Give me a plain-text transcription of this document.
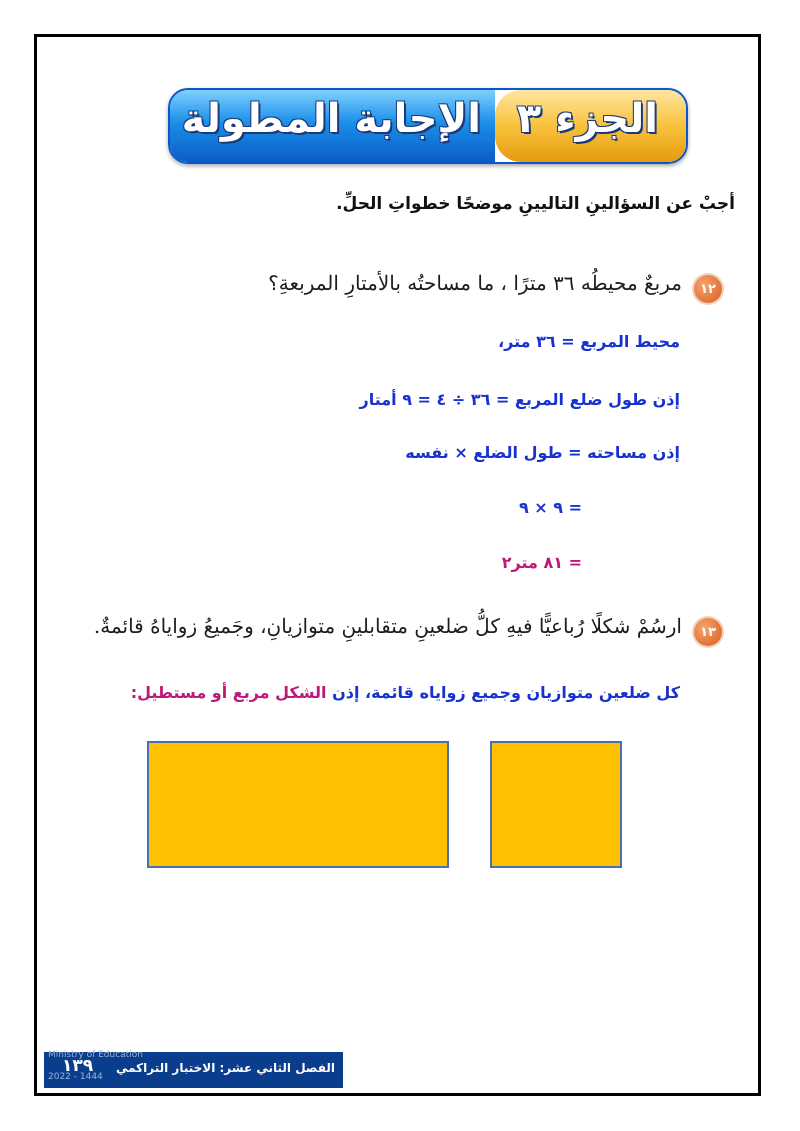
الجزء ٣
الإجابة المطولة
أجبْ عن السؤالينِ التاليينِ موضحًا خطواتِ الحلِّ.
١٢
مربعٌ محيطُه ٣٦ مترًا ، ما مساحتُه بالأمتارِ المربعةِ؟
محيط المربع = ٣٦ متر،
إذن طول ضلع المربع = ٣٦ ÷ ٤ = ٩ أمتار
إذن مساحته = طول الضلع × نفسه
= ٩ × ٩
= ٨١ متر٢
١٣
ارسُمْ شكلًا رُباعيًّا فيهِ كلُّ ضلعينِ متقابلينِ متوازيانِ، وجَميعُ زواياهُ قائمةٌ.
كل ضلعين متوازيان وجميع زواياه قائمة، إذن الشكل مربع أو مستطيل:
Ministry of Education
2022 - 1444
١٣٩ الفصل الثاني عشر: الاختبار التراكمي
